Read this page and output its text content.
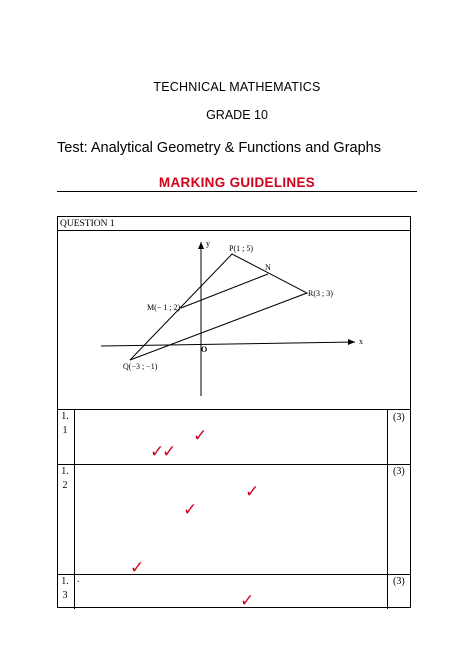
TECHNICAL MATHEMATICS
GRADE 10
Test: Analytical Geometry & Functions and Graphs
MARKING GUIDELINES
QUESTION 1
y
x
O
P(1 ; 5)
N
R(3 ; 3)
M(− 1 ; 2)
Q(−3 ; −1)
1.
1
(3)
✓
✓
✓
1.
2
(3)
✓
✓
✓
1.
3
.	(3)
✓
